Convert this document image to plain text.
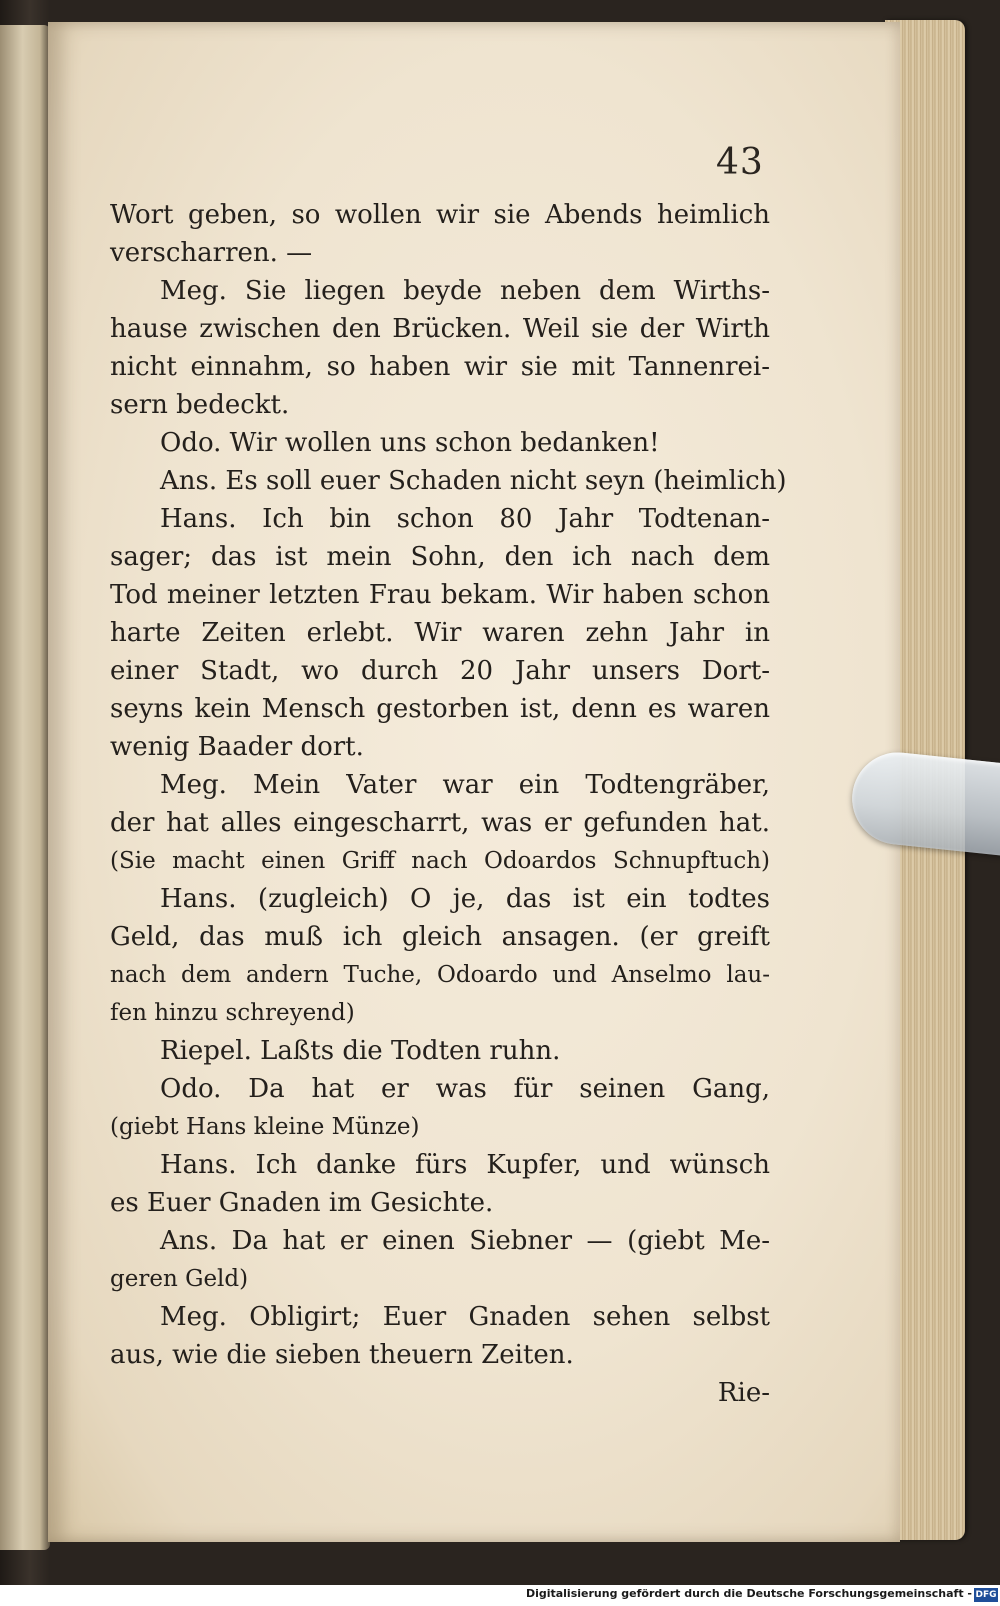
43
Wort geben, so wollen wir sie Abends heimlich
verscharren. —
Meg. Sie liegen beyde neben dem Wirths-
hause zwischen den Brücken. Weil sie der Wirth
nicht einnahm, so haben wir sie mit Tannenrei-
sern bedeckt.
Odo. Wir wollen uns schon bedanken!
Ans. Es soll euer Schaden nicht seyn (heimlich)
Hans. Ich bin schon 80 Jahr Todtenan-
sager; das ist mein Sohn, den ich nach dem
Tod meiner letzten Frau bekam. Wir haben schon
harte Zeiten erlebt. Wir waren zehn Jahr in
einer Stadt, wo durch 20 Jahr unsers Dort-
seyns kein Mensch gestorben ist, denn es waren
wenig Baader dort.
Meg. Mein Vater war ein Todtengräber,
der hat alles eingescharrt, was er gefunden hat.
(Sie macht einen Griff nach Odoardos Schnupftuch)
Hans. (zugleich) O je, das ist ein todtes
Geld, das muß ich gleich ansagen. (er greift
nach dem andern Tuche, Odoardo und Anselmo lau-
fen hinzu schreyend)
Riepel. Laßts die Todten ruhn.
Odo. Da hat er was für seinen Gang,
(giebt Hans kleine Münze)
Hans. Ich danke fürs Kupfer, und wünsch
es Euer Gnaden im Gesichte.
Ans. Da hat er einen Siebner — (giebt Me-
geren Geld)
Meg. Obligirt; Euer Gnaden sehen selbst
aus, wie die sieben theuern Zeiten.
Rie-
Digitalisierung gefördert durch die Deutsche Forschungsgemeinschaft - DFG
